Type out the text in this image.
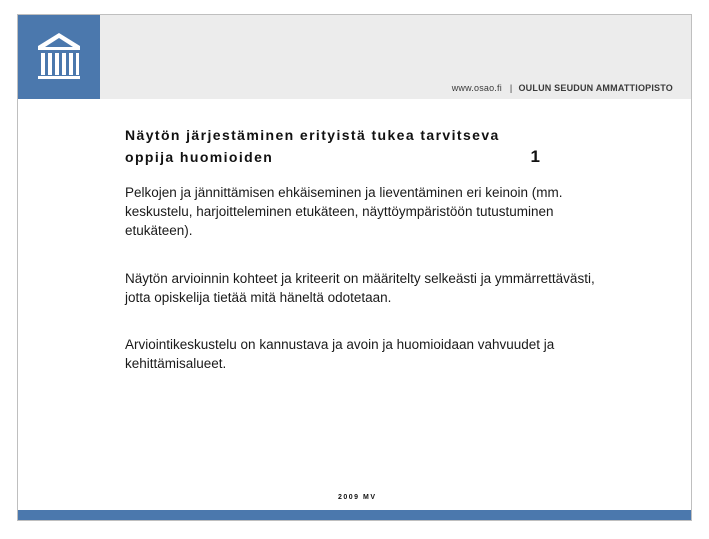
www.osao.fi | OULUN SEUDUN AMMATTIOPISTO
Näytön järjestäminen erityistä tukea tarvitseva
oppija huomioiden	1

Pelkojen ja jännittämisen ehkäiseminen ja lieventäminen eri keinoin (mm. keskustelu, harjoitteleminen etukäteen, näyttöympäristöön tutustuminen etukäteen).

Näytön arvioinnin kohteet ja kriteerit on määritelty selkeästi ja ymmärrettävästi, jotta opiskelija tietää mitä häneltä odotetaan.

Arviointikeskustelu on kannustava ja avoin ja huomioidaan vahvuudet ja kehittämisalueet.

2009 MV
